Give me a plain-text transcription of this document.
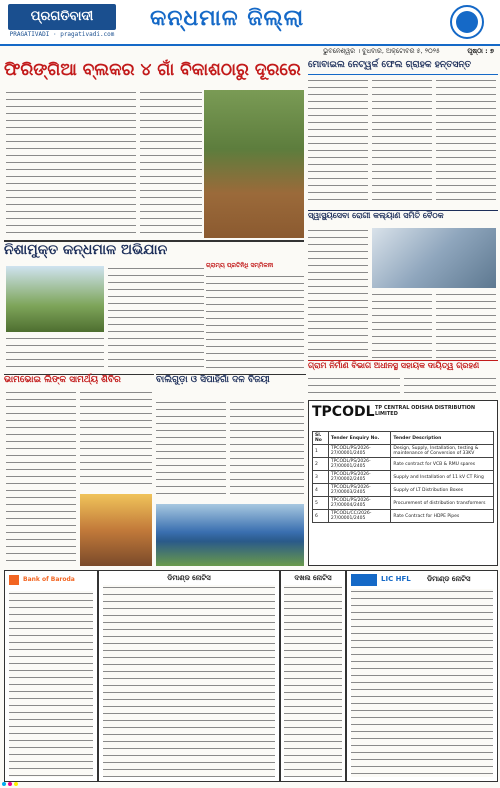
ପ୍ରଗତିବାଦୀ
PRAGATIVADI · pragativadi.com
କନ୍ଧମାଳ ଜିଲ୍ଲା
ଭୁବନେଶ୍ୱର । ବୁଧବାର, ଅକ୍ଟୋବର ୫, ୨୦୨୫	ପୃଷ୍ଠା : ୭
ଫିରିଙ୍ଗିଆ ବ୍ଲକର ୪ ଗାଁ ବିକାଶଠାରୁ ଦୂରରେ ମୋବାଇଲ ନେଟ୍‌ୱର୍କ ଫେଲ ଗ୍ରାହକ ହନ୍ତସନ୍ତ
ସ୍ୱାସ୍ଥ୍ୟସେବା ରୋଗୀ କଲ୍ୟାଣ ସମିତି ବୈଠକ
ନିଶାମୁକ୍ତ କନ୍ଧମାଳ ଅଭିଯାନ
ଗ୍ରାମ୍ୟ ପ୍ରତିନିଧି ସମ୍ମିଳନୀ
ଗ୍ରାମ ନିର୍ମାଣ ବିଭାଗ ଅଧୀନସ୍ଥ ସହାୟକ ଦାୟିତ୍ୱ ଗ୍ରହଣ
ଭାମଭୋଇ ଲିଙ୍କ ସାମର୍ଥ୍ୟ ଶିବିର	ବାଲିଗୁଡ଼ା ଓ ସିପାହିଗାଁ ଦଳ ବିଜୟୀ
TPCODL TP CENTRAL ODISHA DISTRIBUTION LIMITED
Sl. No	Tender Enquiry No.	Tender Description
1	TPCODL/PS/2026-27/00001/2405	Design, Supply, Installation, testing & maintenance of Conversion of 33KV
2	TPCODL/PS/2026-27/00001/2405	Rate contract for VCB & RMU spares
3	TPCODL/PS/2026-27/00002/2405	Supply and Installation of 11 kV CT Ring
4	TPCODL/PS/2026-27/00003/2405	Supply of LT Distribution Boxes
5	TPCODL/PS/2026-27/00004/2405	Procurement of distribution transformers
6	TPCODL/CC/2026-27/00001/2405	Rate Contract for HDPE Pipes
Bank of Baroda	ଡିମାଣ୍ଡ ନୋଟିସ	ଦଖଲ ନୋଟିସ	LIC HFL ଡିମାଣ୍ଡ ନୋଟିସ
